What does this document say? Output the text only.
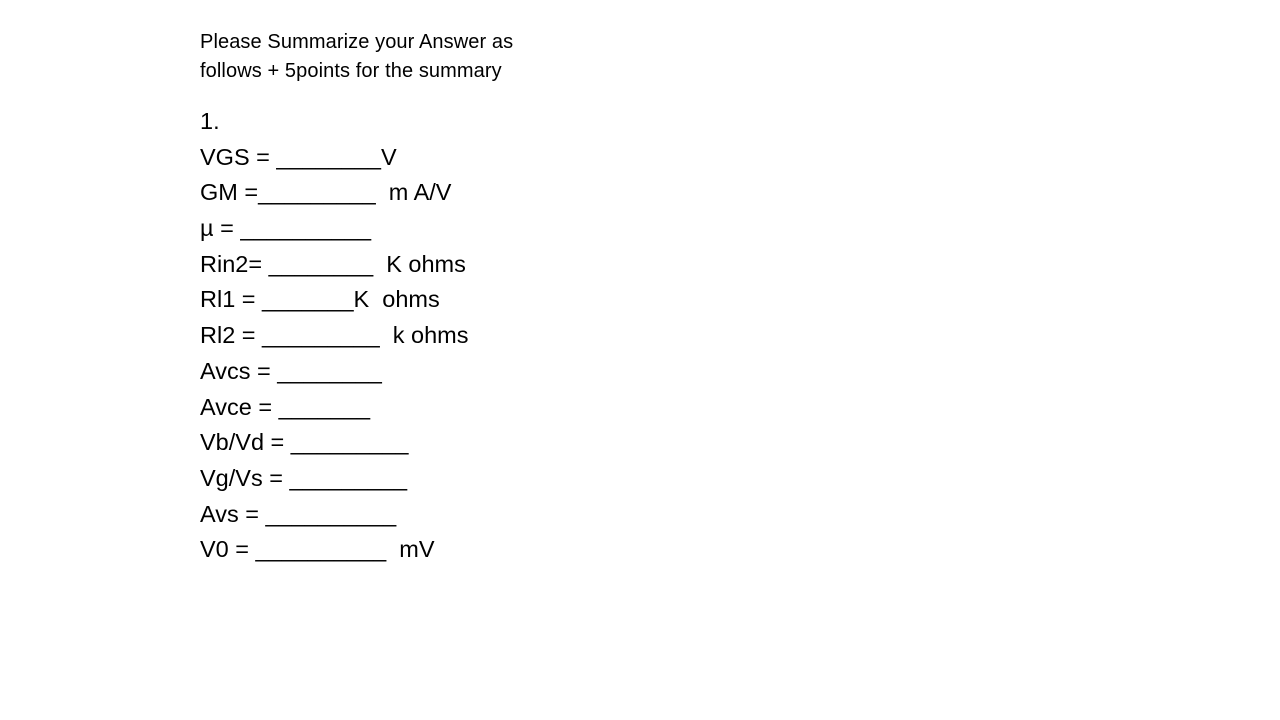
Please Summarize your Answer as
follows + 5points for the summary

1.
VGS = ________V
GM =_________  m A/V
µ = __________
Rin2= ________  K ohms
Rl1 = _______K  ohms
Rl2 = _________  k ohms
Avcs = ________
Avce = _______
Vb/Vd = _________
Vg/Vs = _________
Avs = __________
V0 = __________  mV
